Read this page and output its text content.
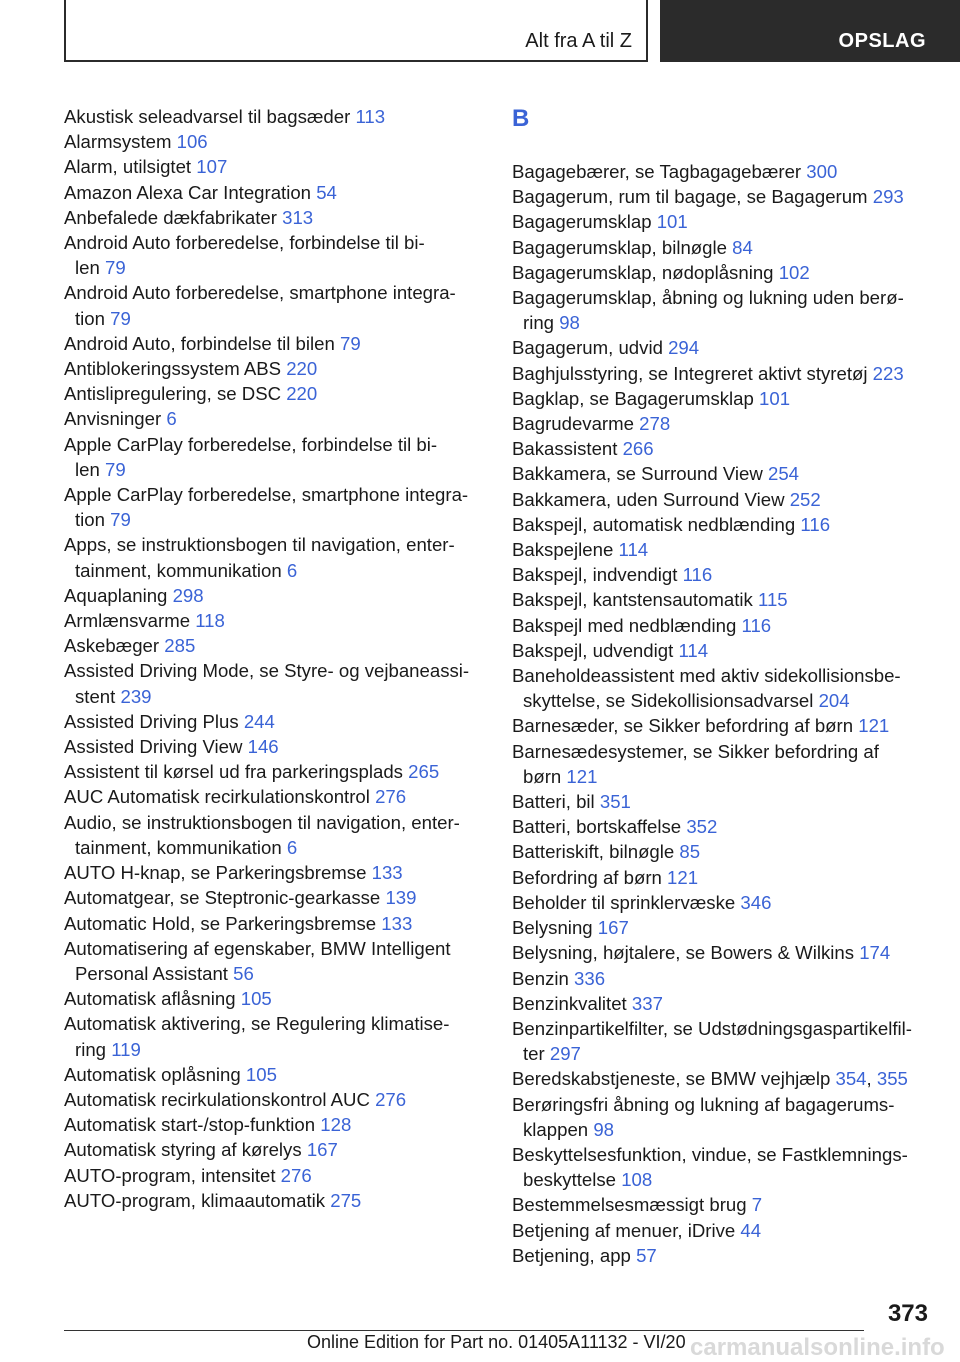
Alt fra A til Z	OPSLAG
Akustisk seleadvarsel til bagsæder 113
Alarmsystem 106
Alarm, utilsigtet 107
Amazon Alexa Car Integration 54
Anbefalede dækfabrikater 313
Android Auto forberedelse, forbindelse til bi-
len 79
Android Auto forberedelse, smartphone integra-
tion 79
Android Auto, forbindelse til bilen 79
Antiblokeringssystem ABS 220
Antislipregulering, se DSC 220
Anvisninger 6
Apple CarPlay forberedelse, forbindelse til bi-
len 79
Apple CarPlay forberedelse, smartphone integra-
tion 79
Apps, se instruktionsbogen til navigation, enter-
tainment, kommunikation 6
Aquaplaning 298
Armlænsvarme 118
Askebæger 285
Assisted Driving Mode, se Styre- og vejbaneassi-
stent 239
Assisted Driving Plus 244
Assisted Driving View 146
Assistent til kørsel ud fra parkeringsplads 265
AUC Automatisk recirkulationskontrol 276
Audio, se instruktionsbogen til navigation, enter-
tainment, kommunikation 6
AUTO H-knap, se Parkeringsbremse 133
Automatgear, se Steptronic-gearkasse 139
Automatic Hold, se Parkeringsbremse 133
Automatisering af egenskaber, BMW Intelligent
Personal Assistant 56
Automatisk aflåsning 105
Automatisk aktivering, se Regulering klimatise-
ring 119
Automatisk oplåsning 105
Automatisk recirkulationskontrol AUC 276
Automatisk start-/stop-funktion 128
Automatisk styring af kørelys 167
AUTO-program, intensitet 276
AUTO-program, klimaautomatik 275
B
Bagagebærer, se Tagbagagebærer 300
Bagagerum, rum til bagage, se Bagagerum 293
Bagagerumsklap 101
Bagagerumsklap, bilnøgle 84
Bagagerumsklap, nødoplåsning 102
Bagagerumsklap, åbning og lukning uden berø-
ring 98
Bagagerum, udvid 294
Baghjulsstyring, se Integreret aktivt styretøj 223
Bagklap, se Bagagerumsklap 101
Bagrudevarme 278
Bakassistent 266
Bakkamera, se Surround View 254
Bakkamera, uden Surround View 252
Bakspejl, automatisk nedblænding 116
Bakspejlene 114
Bakspejl, indvendigt 116
Bakspejl, kantstensautomatik 115
Bakspejl med nedblænding 116
Bakspejl, udvendigt 114
Baneholdeassistent med aktiv sidekollisionsbe-
skyttelse, se Sidekollisionsadvarsel 204
Barnesæder, se Sikker befordring af børn 121
Barnesædesystemer, se Sikker befordring af
børn 121
Batteri, bil 351
Batteri, bortskaffelse 352
Batteriskift, bilnøgle 85
Befordring af børn 121
Beholder til sprinklervæske 346
Belysning 167
Belysning, højtalere, se Bowers & Wilkins 174
Benzin 336
Benzinkvalitet 337
Benzinpartikelfilter, se Udstødningsgaspartikelfil-
ter 297
Beredskabstjeneste, se BMW vejhjælp 354, 355
Berøringsfri åbning og lukning af bagagerums-
klappen 98
Beskyttelsesfunktion, vindue, se Fastklemnings-
beskyttelse 108
Bestemmelsesmæssigt brug 7
Betjening af menuer, iDrive 44
Betjening, app 57
373
Online Edition for Part no. 01405A11132 - VI/20 carmanualsonline.info
